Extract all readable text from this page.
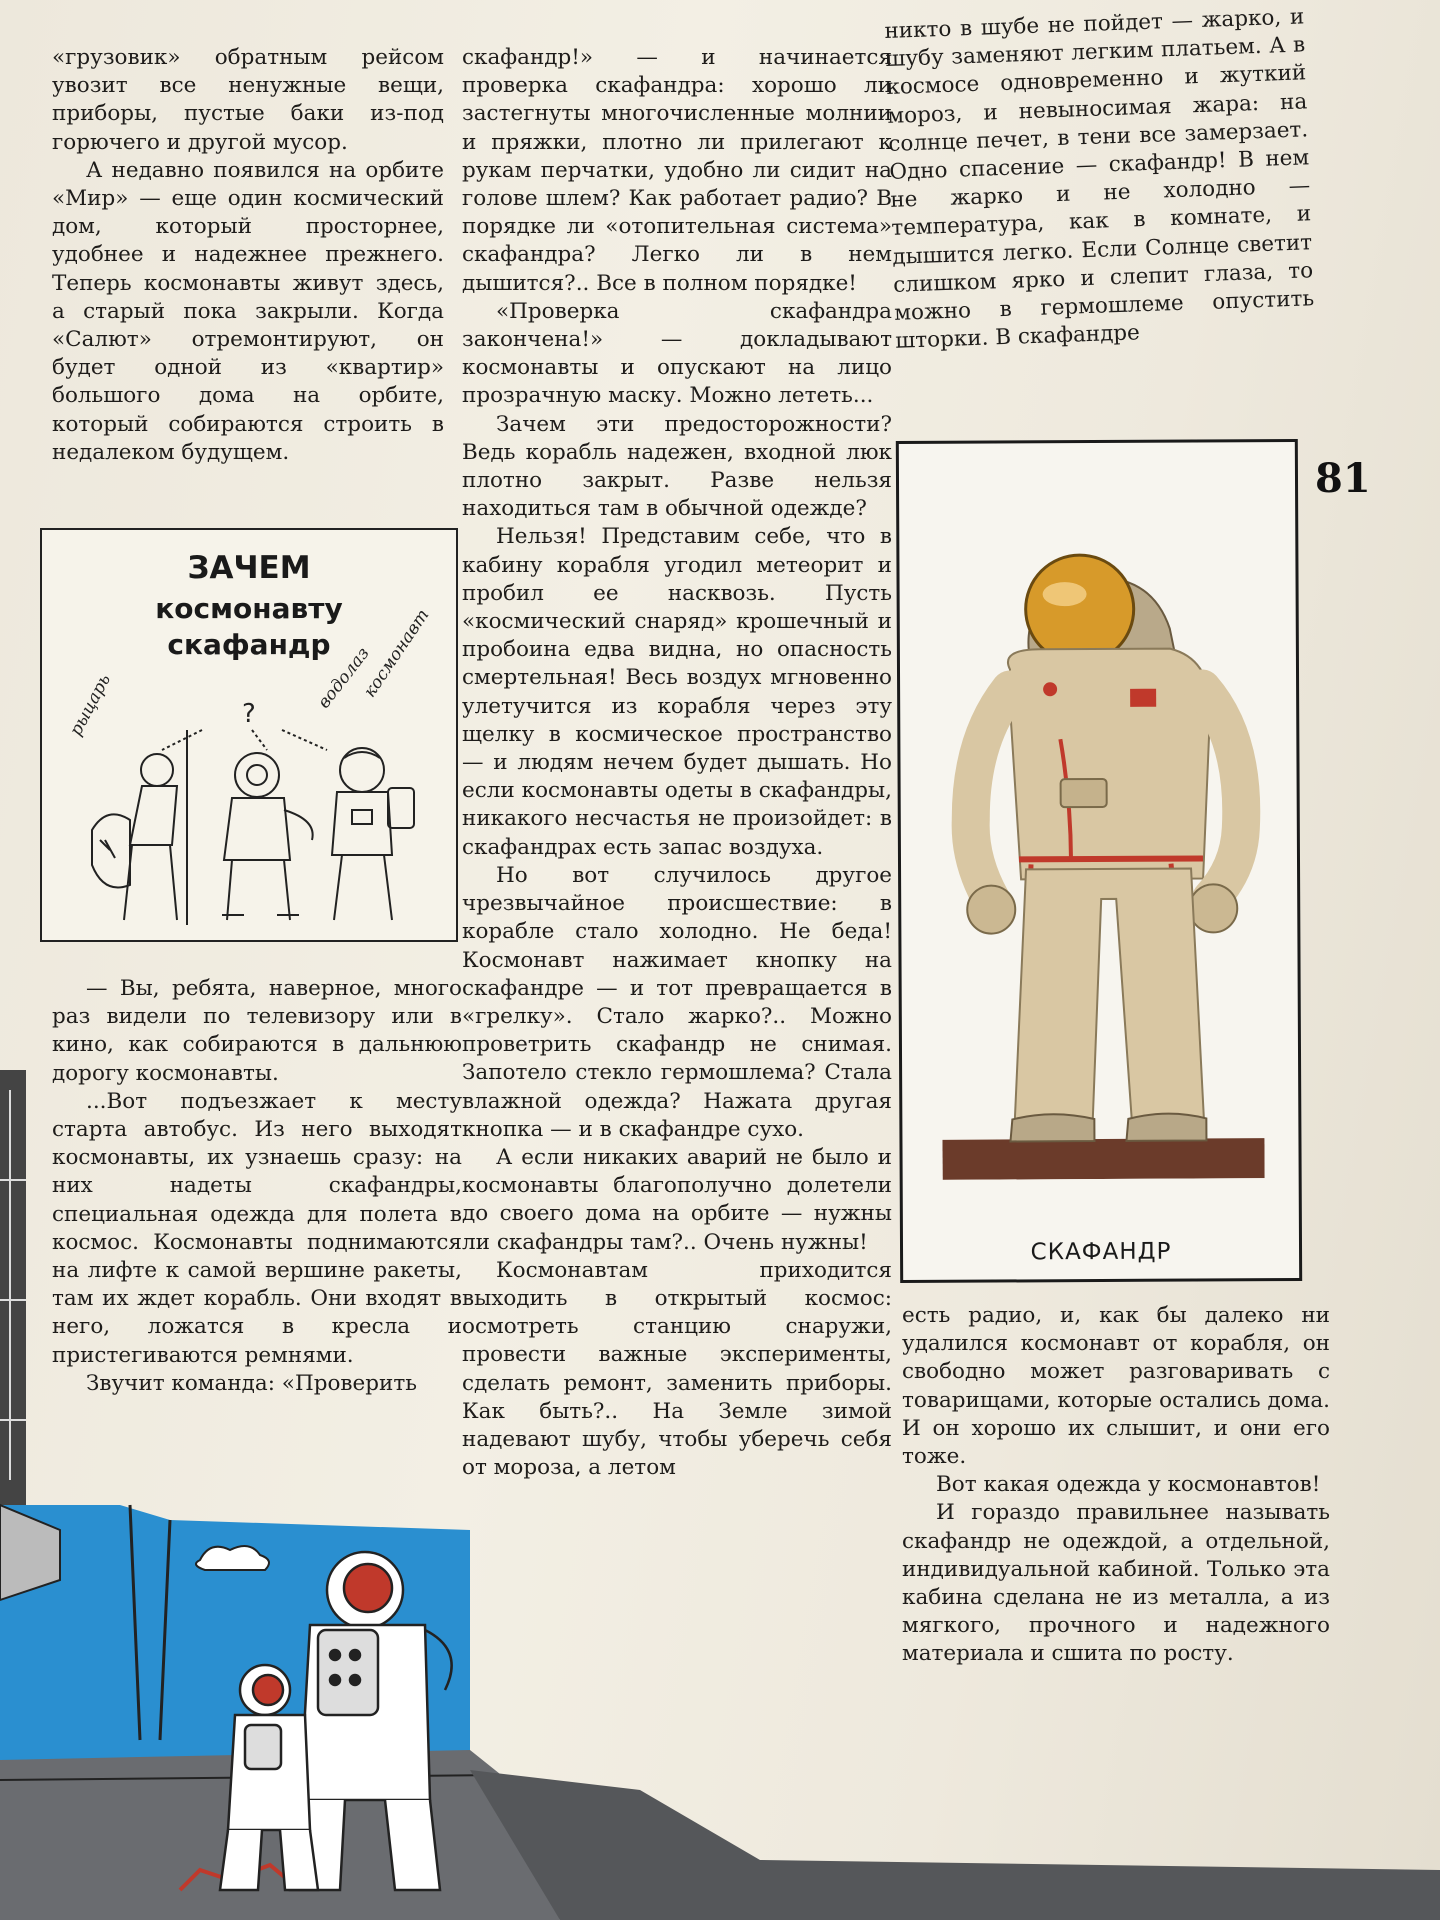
«грузовик» обратным рейсом увозит все ненужные вещи, приборы, пустые баки из-под горючего и другой мусор.

А недавно появился на орбите «Мир» — еще один космический дом, который просторнее, удобнее и надежнее прежнего. Теперь космонавты живут здесь, а старый пока закрыли. Когда «Салют» отремонтируют, он будет одной из «квартир» большого дома на орбите, который собираются строить в недалеком будущем.

ЗАЧЕМ
космонавту
скафандр
?
рыцарь	водолаз
космонавт

— Вы, ребята, наверное, много раз видели по телевизору или в кино, как собираются в дальнюю дорогу космонавты.

...Вот подъезжает к месту старта автобус. Из него выходят космонавты, их узнаешь сразу: на них надеты скафандры, специальная одежда для полета в космос. Космонавты поднимаются на лифте к самой вершине ракеты, там их ждет корабль. Они входят в него, ложатся в кресла и пристегиваются ремнями.

Звучит команда: «Проверить

скафандр!» — и начинается проверка скафандра: хорошо ли застегнуты многочисленные молнии и пряжки, плотно ли прилегают к рукам перчатки, удобно ли сидит на голове шлем? Как работает радио? В порядке ли «отопительная система» скафандра? Легко ли в нем дышится?.. Все в полном порядке!

«Проверка скафандра закончена!» — докладывают космонавты и опускают на лицо прозрачную маску. Можно лететь...

Зачем эти предосторожности? Ведь корабль надежен, входной люк плотно закрыт. Разве нельзя находиться там в обычной одежде?

Нельзя! Представим себе, что в кабину корабля угодил метеорит и пробил ее насквозь. Пусть «космический снаряд» крошечный и пробоина едва видна, но опасность смертельная! Весь воздух мгновенно улетучится из корабля через эту щелку в космическое пространство — и людям нечем будет дышать. Но если космонавты одеты в скафандры, никакого несчастья не произойдет: в скафандрах есть запас воздуха.

Но вот случилось другое чрезвычайное происшествие: в корабле стало холодно. Не беда! Космонавт нажимает кнопку на скафандре — и тот превращается в «грелку». Стало жарко?.. Можно проветрить скафандр не снимая. Запотело стекло гермошлема? Стала влажной одежда? Нажата другая кнопка — и в скафандре сухо.

А если никаких аварий не было и космонавты благополучно долетели до своего дома на орбите — нужны ли скафандры там?.. Очень нужны!

Космонавтам приходится выходить в открытый космос: осмотреть станцию снаружи, провести важные эксперименты, сделать ремонт, заменить приборы. Как быть?.. На Земле зимой надевают шубу, чтобы уберечь себя от мороза, а летом

никто в шубе не пойдет — жарко, и шубу заменяют легким платьем. А в космосе одновременно и жуткий мороз, и невыносимая жара: на солнце печет, в тени все замерзает. Одно спасение — скафандр! В нем не жарко и не холодно — температура, как в комнате, и дышится легко. Если Солнце светит слишком ярко и слепит глаза, то можно в гермошлеме опустить шторки. В скафандре

81
СКАФАНДР

есть радио, и, как бы далеко ни удалился космонавт от корабля, он свободно может разговаривать с товарищами, которые остались дома. И он хорошо их слышит, и они его тоже.

Вот какая одежда у космонавтов!

И гораздо правильнее называть скафандр не одеждой, а отдельной, индивидуальной кабиной. Только эта кабина сделана не из металла, а из мягкого, прочного и надежного материала и сшита по росту.
